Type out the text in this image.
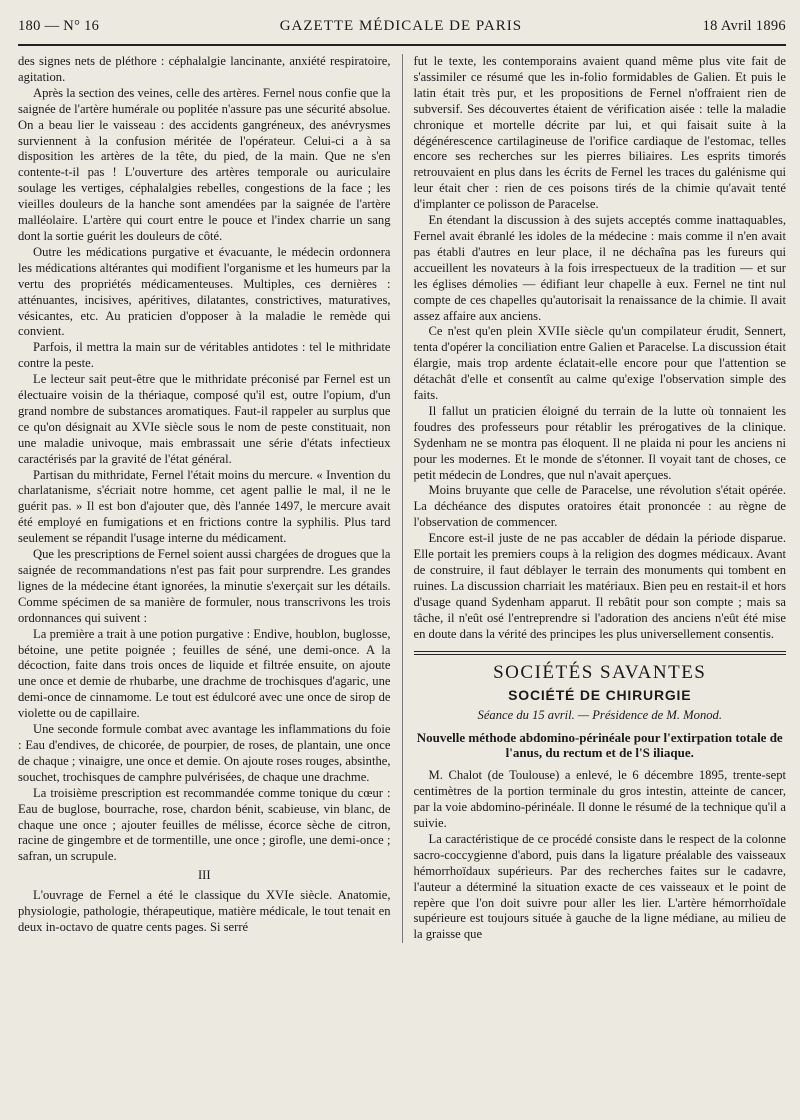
180 — N° 16	GAZETTE MÉDICALE DE PARIS	18 Avril 1896

des signes nets de pléthore : céphalalgie lancinante, anxiété respiratoire, agitation.

Après la section des veines, celle des artères. Fernel nous confie que la saignée de l'artère humérale ou poplitée n'assure pas une sécurité absolue. On a beau lier le vaisseau : des accidents gangréneux, des anévrysmes surviennent à la confusion méritée de l'opérateur. Celui-ci a à sa disposition les artères de la tête, du pied, de la main. Que ne s'en contente-t-il pas ! L'ouverture des artères temporale ou auriculaire soulage les vertiges, céphalalgies rebelles, congestions de la face ; les vieilles douleurs de la hanche sont amendées par la saignée de l'artère malléolaire. L'artère qui court entre le pouce et l'index charrie un sang dont la sortie guérit les douleurs de côté.

Outre les médications purgative et évacuante, le médecin ordonnera les médications altérantes qui modifient l'organisme et les humeurs par la vertu des propriétés médicamenteuses. Multiples, ces dernières : atténuantes, incisives, apéritives, dilatantes, constrictives, maturatives, vésicantes, etc. Au praticien d'opposer à la maladie le remède qui convient.

Parfois, il mettra la main sur de véritables antidotes : tel le mithridate contre la peste.

Le lecteur sait peut-être que le mithridate préconisé par Fernel est un électuaire voisin de la thériaque, composé qu'il est, outre l'opium, d'un grand nombre de substances aromatiques. Faut-il rappeler au surplus que ce qu'on désignait au XVIe siècle sous le nom de peste constituait, non une maladie univoque, mais embrassait une série d'états infectieux caractérisés par la gravité de l'état général.

Partisan du mithridate, Fernel l'était moins du mercure. « Invention du charlatanisme, s'écriait notre homme, cet agent pallie le mal, il ne le guérit pas. » Il est bon d'ajouter que, dès l'année 1497, le mercure avait été employé en fumigations et en frictions contre la syphilis. Plus tard seulement se répandit l'usage interne du médicament.

Que les prescriptions de Fernel soient aussi chargées de drogues que la saignée de recommandations n'est pas fait pour surprendre. Les grandes lignes de la médecine étant ignorées, la minutie s'exerçait sur les détails. Comme spécimen de sa manière de formuler, nous transcrivons les trois ordonnances qui suivent :

La première a trait à une potion purgative : Endive, houblon, buglosse, bétoine, une petite poignée ; feuilles de séné, une demi-once. A la décoction, faite dans trois onces de liquide et filtrée ensuite, on ajoute une once et demie de rhubarbe, une drachme de trochisques d'agaric, une demi-once de cinnamome. Le tout est édulcoré avec une once de sirop de violette ou de capillaire.

Une seconde formule combat avec avantage les inflammations du foie : Eau d'endives, de chicorée, de pourpier, de roses, de plantain, une once de chaque ; vinaigre, une once et demie. On ajoute roses rouges, absinthe, souchet, trochisques de camphre pulvérisées, de chaque une drachme.

La troisième prescription est recommandée comme tonique du cœur : Eau de buglose, bourrache, rose, chardon bénit, scabieuse, vin blanc, de chaque une once ; ajouter feuilles de mélisse, écorce sèche de citron, racine de gingembre et de tormentille, une once ; girofle, une demi-once ; safran, un scrupule.

III

L'ouvrage de Fernel a été le classique du XVIe siècle. Anatomie, physiologie, pathologie, thérapeutique, matière médicale, le tout tenait en deux in-octavo de quatre cents pages. Si serré

fut le texte, les contemporains avaient quand même plus vite fait de s'assimiler ce résumé que les in-folio formidables de Galien. Et puis le latin était très pur, et les propositions de Fernel n'offraient rien de subversif. Ses découvertes étaient de vérification aisée : telle la maladie chronique et mortelle décrite par lui, et qui faisait suite à la dégénérescence cartilagineuse de l'orifice cardiaque de l'estomac, telles encore ses recherches sur les pierres biliaires. Les esprits timorés retrouvaient en plus dans les écrits de Fernel les traces du galénisme qui leur était cher : rien de ces poisons tirés de la chimie qu'avait tenté d'implanter ce polisson de Paracelse.

En étendant la discussion à des sujets acceptés comme inattaquables, Fernel avait ébranlé les idoles de la médecine : mais comme il n'en avait pas établi d'autres en leur place, il ne déchaîna pas les fureurs qui accueillent les novateurs à la fois irrespectueux de la tradition — et sur les églises démolies — édifiant leur chapelle à eux. Fernel ne tint nul compte de ces chapelles qu'autorisait la renaissance de la chimie. Il avait assez affaire aux anciens.

Ce n'est qu'en plein XVIIe siècle qu'un compilateur érudit, Sennert, tenta d'opérer la conciliation entre Galien et Paracelse. La discussion était élargie, mais trop ardente éclatait-elle encore pour que l'attention se détachât d'elle et consentît au calme qu'exige l'observation simple des faits.

Il fallut un praticien éloigné du terrain de la lutte où tonnaient les foudres des professeurs pour rétablir les prérogatives de la clinique. Sydenham ne se montra pas éloquent. Il ne plaida ni pour les anciens ni pour les modernes. Et le monde de s'étonner. Il voyait tant de choses, ce petit médecin de Londres, que nul n'avait aperçues.

Moins bruyante que celle de Paracelse, une révolution s'était opérée. La déchéance des disputes oratoires était prononcée : au règne de l'observation de commencer.

Encore est-il juste de ne pas accabler de dédain la période disparue. Elle portait les premiers coups à la religion des dogmes médicaux. Avant de construire, il faut déblayer le terrain des monuments qui tombent en ruines. La discussion charriait les matériaux. Bien peu en restait-il et hors d'usage quand Sydenham apparut. Il rebâtit pour son compte ; mais sa tâche, il n'eût osé l'entreprendre si l'adoration des anciens n'eût été mise en doute dans la vérité des principes les plus universellement consentis.

SOCIÉTÉS SAVANTES
SOCIÉTÉ DE CHIRURGIE
Séance du 15 avril. — Présidence de M. Monod.
Nouvelle méthode abdomino-périnéale pour l'extirpation totale de l'anus, du rectum et de l'S iliaque.

M. Chalot (de Toulouse) a enlevé, le 6 décembre 1895, trente-sept centimètres de la portion terminale du gros intestin, atteinte de cancer, par la voie abdomino-périnéale. Il donne le résumé de la technique qu'il a suivie.

La caractéristique de ce procédé consiste dans le respect de la colonne sacro-coccygienne d'abord, puis dans la ligature préalable des vaisseaux hémorrhoïdaux supérieurs. Par des recherches faites sur le cadavre, l'auteur a déterminé la situation exacte de ces vaisseaux et le point de repère que l'on doit suivre pour aller les lier. L'artère hémorrhoïdale supérieure est toujours située à gauche de la ligne médiane, au milieu de la graisse que
